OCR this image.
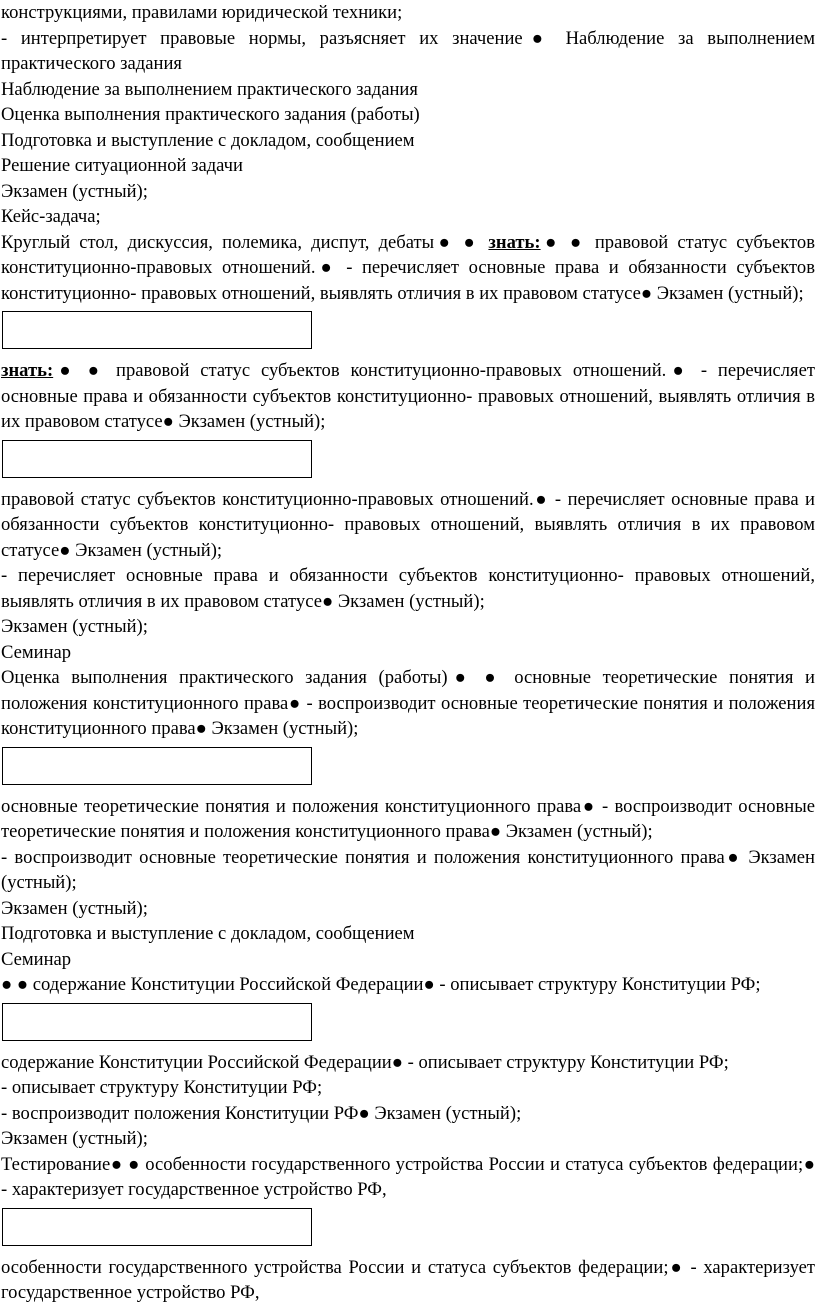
конструкциями, правилами юридической техники;

- интерпретирует правовые нормы, разъясняет их значение● Наблюдение за выполнением практического задания

Наблюдение за выполнением практического задания

Оценка выполнения практического задания (работы)

Подготовка и выступление с докладом, сообщением

Решение ситуационной задачи

Экзамен (устный);

Кейс-задача;

Круглый стол, дискуссия, полемика, диспут, дебаты● ● знать:● ● правовой статус субъектов конституционно-правовых отношений.● - перечисляет основные права и обязанности субъектов конституционно- правовых отношений, выявлять отличия в их правовом статусе● Экзамен (устный);

знать:● ● правовой статус субъектов конституционно-правовых отношений.● - перечисляет основные права и обязанности субъектов конституционно- правовых отношений, выявлять отличия в их правовом статусе● Экзамен (устный);

правовой статус субъектов конституционно-правовых отношений.● - перечисляет основные права и обязанности субъектов конституционно- правовых отношений, выявлять отличия в их правовом статусе● Экзамен (устный);

- перечисляет основные права и обязанности субъектов конституционно- правовых отношений, выявлять отличия в их правовом статусе● Экзамен (устный);

Экзамен (устный);

Семинар

Оценка выполнения практического задания (работы)● ● основные теоретические понятия и положения конституционного права● - воспроизводит основные теоретические понятия и положения конституционного права● Экзамен (устный);

основные теоретические понятия и положения конституционного права● - воспроизводит основные теоретические понятия и положения конституционного права● Экзамен (устный);

- воспроизводит основные теоретические понятия и положения конституционного права● Экзамен (устный);

Экзамен (устный);

Подготовка и выступление с докладом, сообщением

Семинар

● ● содержание Конституции Российской Федерации● - описывает структуру Конституции РФ;

содержание Конституции Российской Федерации● - описывает структуру Конституции РФ;

- описывает структуру Конституции РФ;

- воспроизводит положения Конституции РФ● Экзамен (устный);

Экзамен (устный);

Тестирование● ● особенности государственного устройства России и статуса субъектов федерации;● - характеризует государственное устройство РФ,

особенности государственного устройства России и статуса субъектов федерации;● - характеризует государственное устройство РФ,
